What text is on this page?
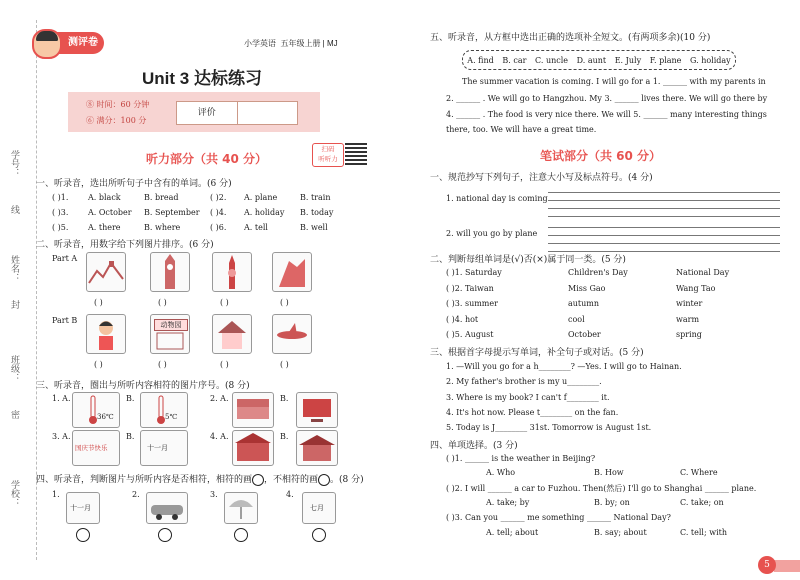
学号：
线
姓名：
封
班级：
密
学校：
测评卷	小学英语 五年级上册 | MJ
Unit 3 达标练习
⑧ 时间：60 分钟
⑥ 满分：100 分
评价
听力部分（共 40 分）
扫码
听听力
一、听录音，选出所听句子中含有的单词。(6 分)
( )1. A. black	B. bread	( )2. A. plane	B. train
( )3. A. October B. September ( )4. A. holiday B. today
( )5. A. there	B. where	( )6. A. tell	B. well
二、听录音，用数字给下列图片排序。(6 分)
Part A
Part B
( )	( )	( )	( )
动物园
( )	( )	( )	( )
三、听录音，圈出与所听内容相符的图片序号。(8 分)
1. A.	B.	2. A.	B.
36℃	5℃
3. A.	B.	4. A.	B.
国庆节快乐	十一月
四、听录音，判断图片与所听内容是否相符，相符的画 ，不相符的画 。(8 分)
1.	2.	3.	4.
十一月	七月
五、听录音，从方框中选出正确的选项补全短文。(有两项多余)(10 分)
A. find B. car C. uncle D. aunt E. July F. plane G. holiday
The summer vacation is coming. I will go for a 1. ______ with my parents in
2. ______ . We will go to Hangzhou. My 3. ______ lives there. We will go there by
4. ______ . The food is very nice there. We will 5. ______ many interesting things
there, too. We will have a great time.
笔试部分（共 60 分）
一、规范抄写下列句子，注意大小写及标点符号。(4 分)
1. national day is coming
2. will you go by plane
二、判断每组单词是(√)否(×)属于同一类。(5 分)
( )1. Saturday	Children's Day	National Day
( )2. Taiwan	Miss Gao	Wang Tao
( )3. summer	autumn	winter
( )4. hot	cool	warm
( )5. August	October	spring
三、根据首字母提示写单词，补全句子或对话。(5 分)
1. —Will you go for a h________? —Yes. I will go to Hainan.
2. My father's brother is my u________.
3. Where is my book? I can't f________ it.
4. It's hot now. Please t________ on the fan.
5. Today is J________ 31st. Tomorrow is August 1st.
四、单项选择。(3 分)
( )1. ______ is the weather in Beijing?
A. Who	B. How	C. Where
( )2. I will ______ a car to Fuzhou. Then(然后) I'll go to Shanghai ______ plane.
A. take; by	B. by; on	C. take; on
( )3. Can you ______ me something ______ National Day?
A. tell; about	B. say; about	C. tell; with
5
